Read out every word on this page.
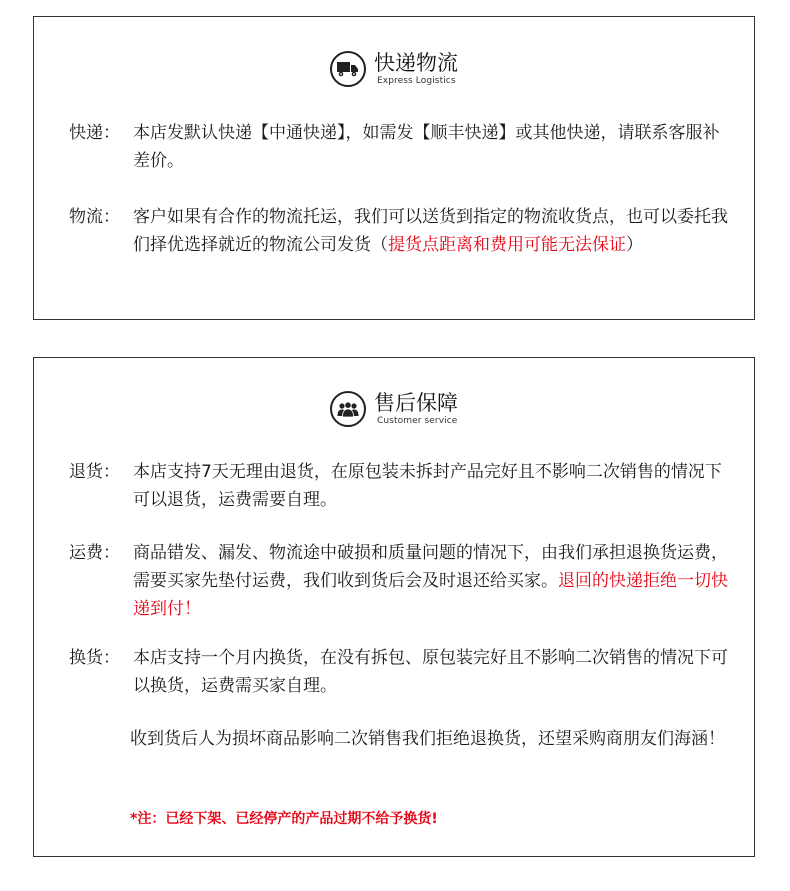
快递物流
Express Logistics
快递： 本店发默认快递【中通快递】，如需发【顺丰快递】或其他快递，请联系客服补差价。
物流： 客户如果有合作的物流托运，我们可以送货到指定的物流收货点，也可以委托我们择优选择就近的物流公司发货（提货点距离和费用可能无法保证）
售后保障
Customer service
退货： 本店支持7天无理由退货，在原包装未拆封产品完好且不影响二次销售的情况下可以退货，运费需要自理。
运费： 商品错发、漏发、物流途中破损和质量问题的情况下，由我们承担退换货运费，需要买家先垫付运费，我们收到货后会及时退还给买家。退回的快递拒绝一切快递到付！
换货： 本店支持一个月内换货，在没有拆包、原包装完好且不影响二次销售的情况下可以换货，运费需买家自理。
收到货后人为损坏商品影响二次销售我们拒绝退换货，还望采购商朋友们海涵！
*注：已经下架、已经停产的产品过期不给予换货!
